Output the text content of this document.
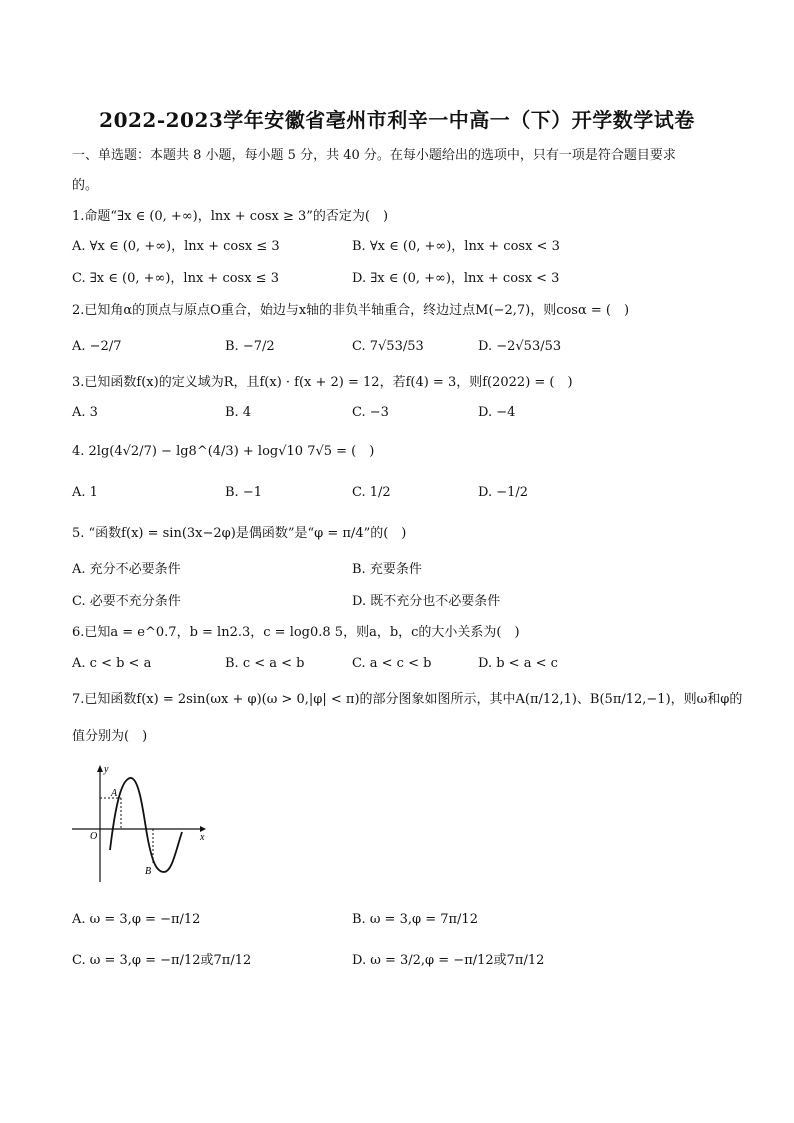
2022-2023学年安徽省亳州市利辛一中高一（下）开学数学试卷
一、单选题：本题共 8 小题，每小题 5 分，共 40 分。在每小题给出的选项中，只有一项是符合题目要求
的。
1.命题“∃x ∈ (0, +∞)，lnx + cosx ≥ 3”的否定为(　)
A. ∀x ∈ (0, +∞)，lnx + cosx ≤ 3	B. ∀x ∈ (0, +∞)，lnx + cosx < 3
C. ∃x ∈ (0, +∞)，lnx + cosx ≤ 3	D. ∃x ∈ (0, +∞)，lnx + cosx < 3
2.已知角α的顶点与原点O重合，始边与x轴的非负半轴重合，终边过点M(−2,7)，则cosα = (　)
A. −2/7	B. −7/2	C. 7√53/53	D. −2√53/53
3.已知函数f(x)的定义域为R，且f(x) · f(x + 2) = 12，若f(4) = 3，则f(2022) = (　)
A. 3	B. 4	C. −3	D. −4
4. 2lg(4√2/7) − lg8^(4/3) + log√10 7√5 = (　)
A. 1	B. −1	C. 1/2	D. −1/2
5. “函数f(x) = sin(3x−2φ)是偶函数”是“φ = π/4”的(　)
A. 充分不必要条件	B. 充要条件
C. 必要不充分条件	D. 既不充分也不必要条件
6.已知a = e^0.7，b = ln2.3，c = log0.8 5，则a，b，c的大小关系为(　)
A. c < b < a	B. c < a < b	C. a < c < b	D. b < a < c
7.已知函数f(x) = 2sin(ωx + φ)(ω > 0,|φ| < π)的部分图象如图所示，其中A(π/12,1)、B(5π/12,−1)，则ω和φ的
值分别为(　)
y
x
O
A
B
A. ω = 3,φ = −π/12	B. ω = 3,φ = 7π/12
C. ω = 3,φ = −π/12或7π/12	D. ω = 3/2,φ = −π/12或7π/12
